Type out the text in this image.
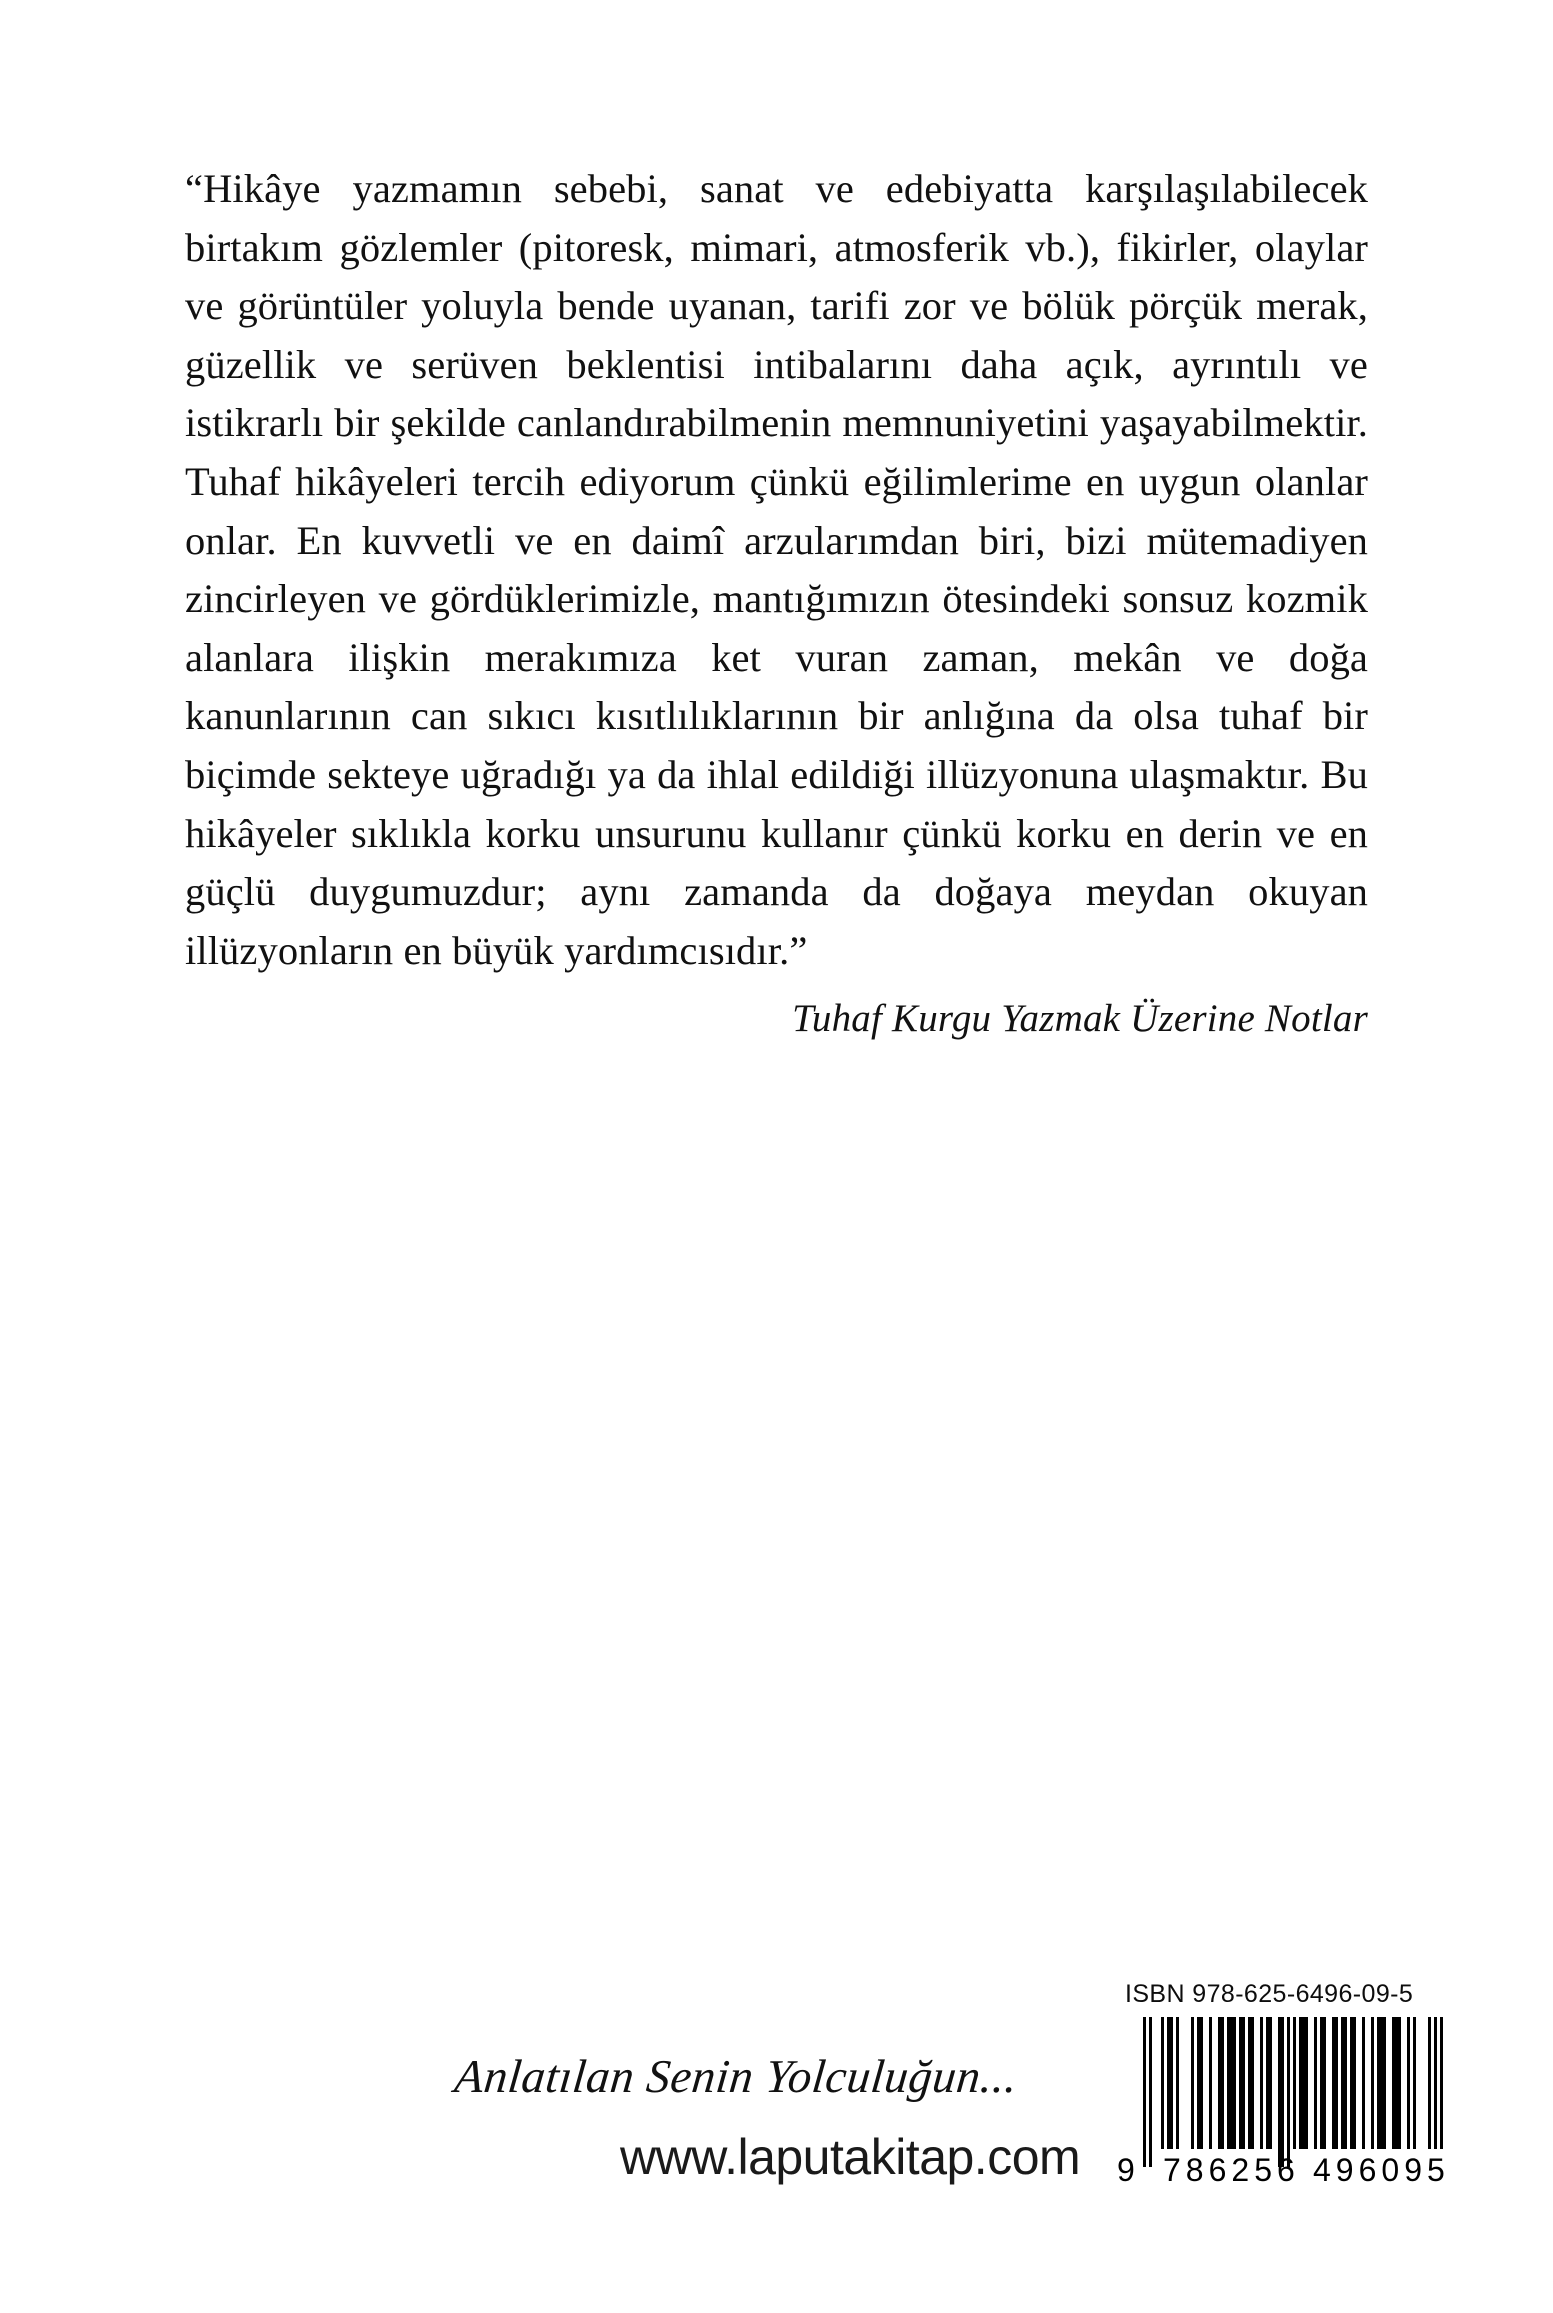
“Hikâye yazmamın sebebi, sanat ve edebiyatta karşılaşılabilecek birtakım gözlemler (pitoresk, mimari, atmosferik vb.), fikirler, olaylar ve görüntüler yoluyla bende uyanan, tarifi zor ve bölük pörçük merak, güzellik ve serüven beklentisi intibalarını daha açık, ayrıntılı ve istikrarlı bir şekilde canlandırabilmenin memnuniyetini yaşayabilmektir. Tuhaf hikâyeleri tercih ediyorum çünkü eğilimlerime en uygun olanlar onlar. En kuvvetli ve en daimî arzularımdan biri, bizi mütemadiyen zincirleyen ve gördüklerimizle, mantığımızın ötesindeki sonsuz kozmik alanlara ilişkin merakımıza ket vuran zaman, mekân ve doğa kanunlarının can sıkıcı kısıtlılıklarının bir anlığına da olsa tuhaf bir biçimde sekteye uğradığı ya da ihlal edildiği illüzyonuna ulaşmaktır. Bu hikâyeler sıklıkla korku unsurunu kullanır çünkü korku en derin ve en güçlü duygumuzdur; aynı zamanda da doğaya meydan okuyan illüzyonların en büyük yardımcısıdır.”

Tuhaf Kurgu Yazmak Üzerine Notlar

Anlatılan Senin Yolculuğun...
www.laputakitap.com
ISBN 978-625-6496-09-5
9 786256 496095
